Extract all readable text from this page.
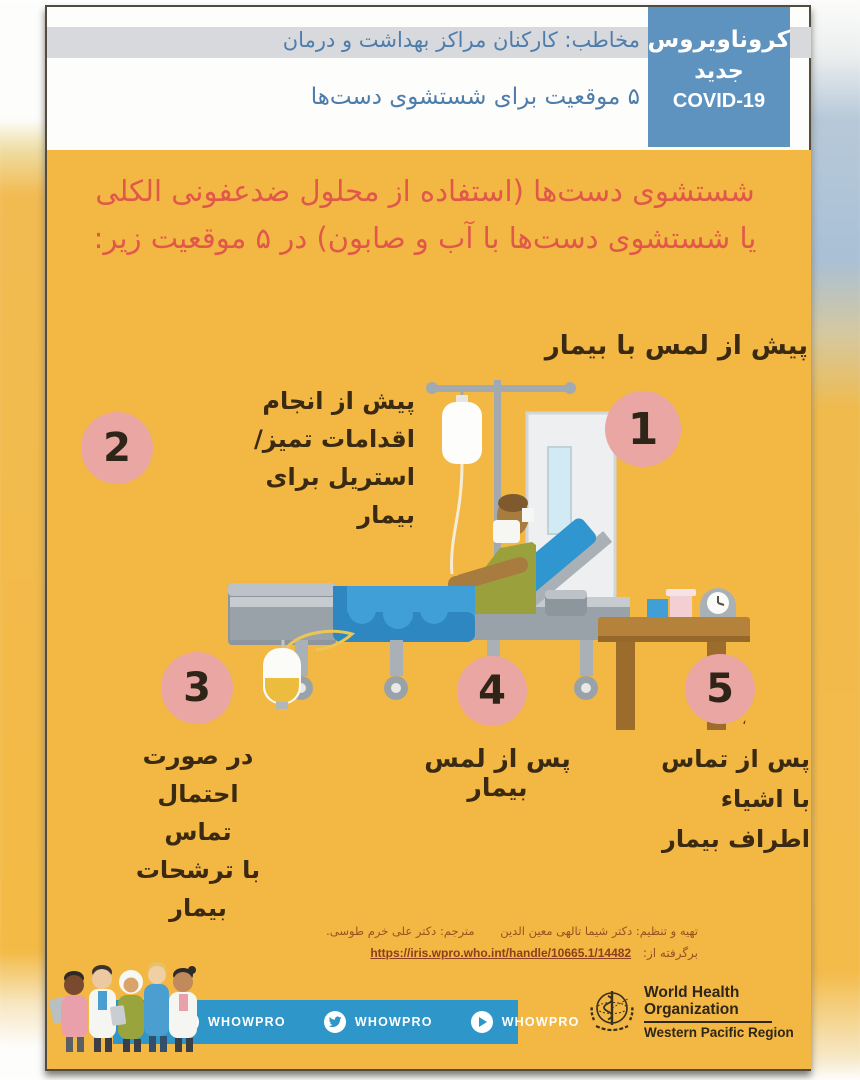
مخاطب: کارکنان مراکز بهداشت و درمان
۵ موقعیت برای شستشوی دست‌ها
کروناویروس
جدید
COVID-19
شستشوی دست‌ها (استفاده از محلول ضدعفونی الکلی
یا شستشوی دست‌ها با آب و صابون) در ۵ موقعیت زیر:
1
2
3	4	5
پیش از لمس با بیمار
پیش از انجام
اقدامات تمیز/
استریل برای
بیمار
در صورت
احتمال تماس
با ترشحات
بیمار
پس از لمس بیمار
پس از تماس
با اشیاء
اطراف بیمار
،
تهیه و تنظیم: دکتر شیما تالهی معین الدین مترجم: دکتر علی خرم طوسی.
برگرفته از: https://iris.wpro.who.int/handle/10665.1/14482
WHOWPRO	WHOWPRO	WHOWPRO
World Health
Organization
Western Pacific Region
